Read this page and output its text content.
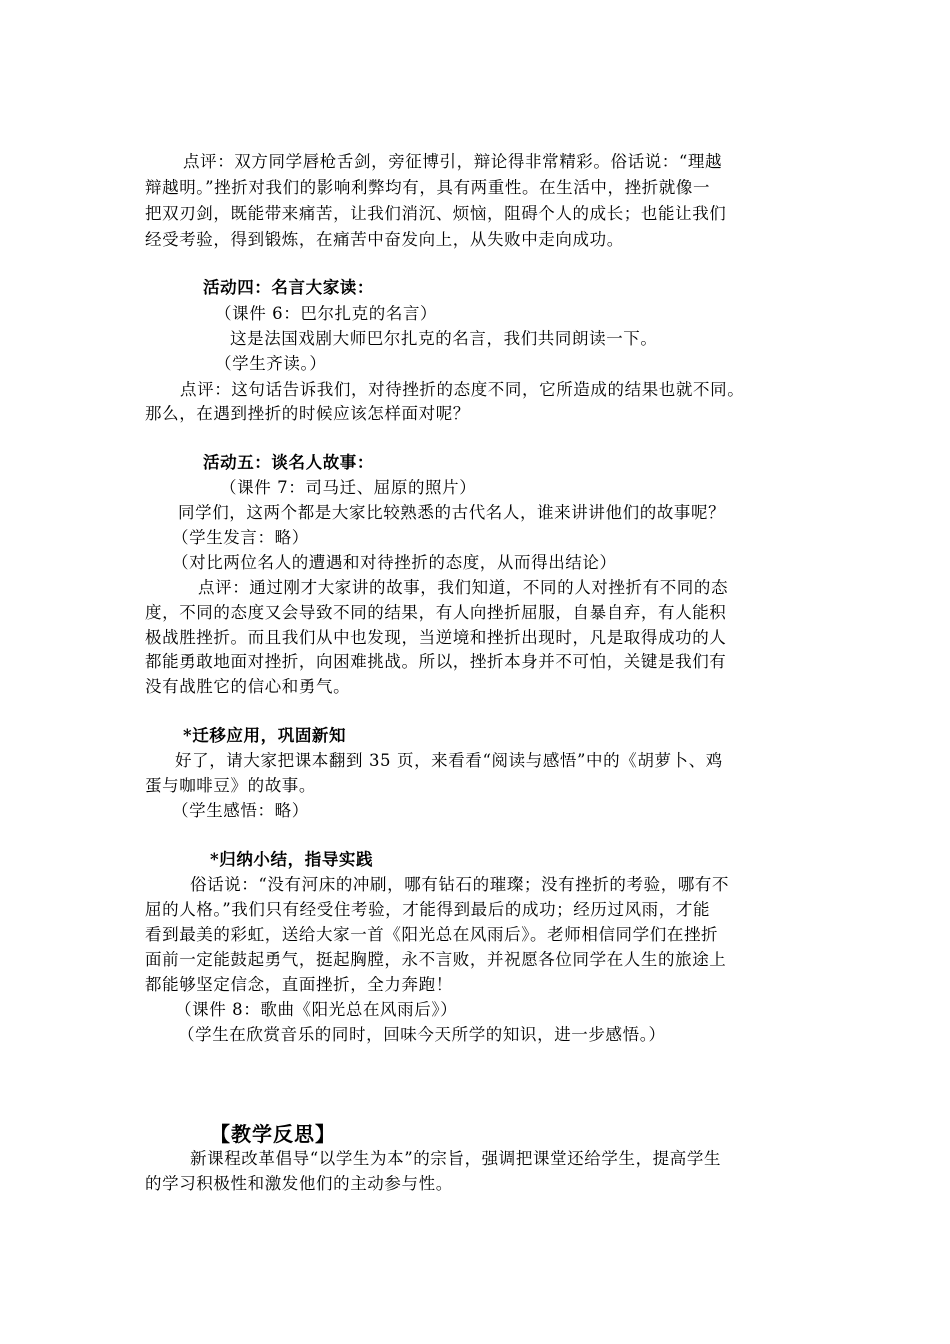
点评：双方同学唇枪舌剑，旁征博引，辩论得非常精彩。俗话说：“理越
辩越明。”挫折对我们的影响利弊均有，具有两重性。在生活中，挫折就像一
把双刃剑，既能带来痛苦，让我们消沉、烦恼，阻碍个人的成长；也能让我们
经受考验，得到锻炼，在痛苦中奋发向上，从失败中走向成功。
活动四：名言大家读：
（课件 6：巴尔扎克的名言）
这是法国戏剧大师巴尔扎克的名言，我们共同朗读一下。
（学生齐读。）
点评：这句话告诉我们，对待挫折的态度不同，它所造成的结果也就不同。
那么，在遇到挫折的时候应该怎样面对呢？
活动五：谈名人故事：
（课件 7：司马迁、屈原的照片）
同学们，这两个都是大家比较熟悉的古代名人，谁来讲讲他们的故事呢？
（学生发言：略）
（对比两位名人的遭遇和对待挫折的态度，从而得出结论）
点评：通过刚才大家讲的故事，我们知道，不同的人对挫折有不同的态
度，不同的态度又会导致不同的结果，有人向挫折屈服，自暴自弃，有人能积
极战胜挫折。而且我们从中也发现，当逆境和挫折出现时，凡是取得成功的人
都能勇敢地面对挫折，向困难挑战。所以，挫折本身并不可怕，关键是我们有
没有战胜它的信心和勇气。
*迁移应用，巩固新知
好了，请大家把课本翻到 35 页，来看看“阅读与感悟”中的《胡萝卜、鸡
蛋与咖啡豆》的故事。
（学生感悟：略）
*归纳小结，指导实践
俗话说：“没有河床的冲刷，哪有钻石的璀璨；没有挫折的考验，哪有不
屈的人格。”我们只有经受住考验，才能得到最后的成功；经历过风雨，才能
看到最美的彩虹，送给大家一首《阳光总在风雨后》。老师相信同学们在挫折
面前一定能鼓起勇气，挺起胸膛，永不言败，并祝愿各位同学在人生的旅途上
都能够坚定信念，直面挫折，全力奔跑！
（课件 8：歌曲《阳光总在风雨后》）
（学生在欣赏音乐的同时，回味今天所学的知识，进一步感悟。）
【教学反思】
新课程改革倡导“以学生为本”的宗旨，强调把课堂还给学生，提高学生
的学习积极性和激发他们的主动参与性。
